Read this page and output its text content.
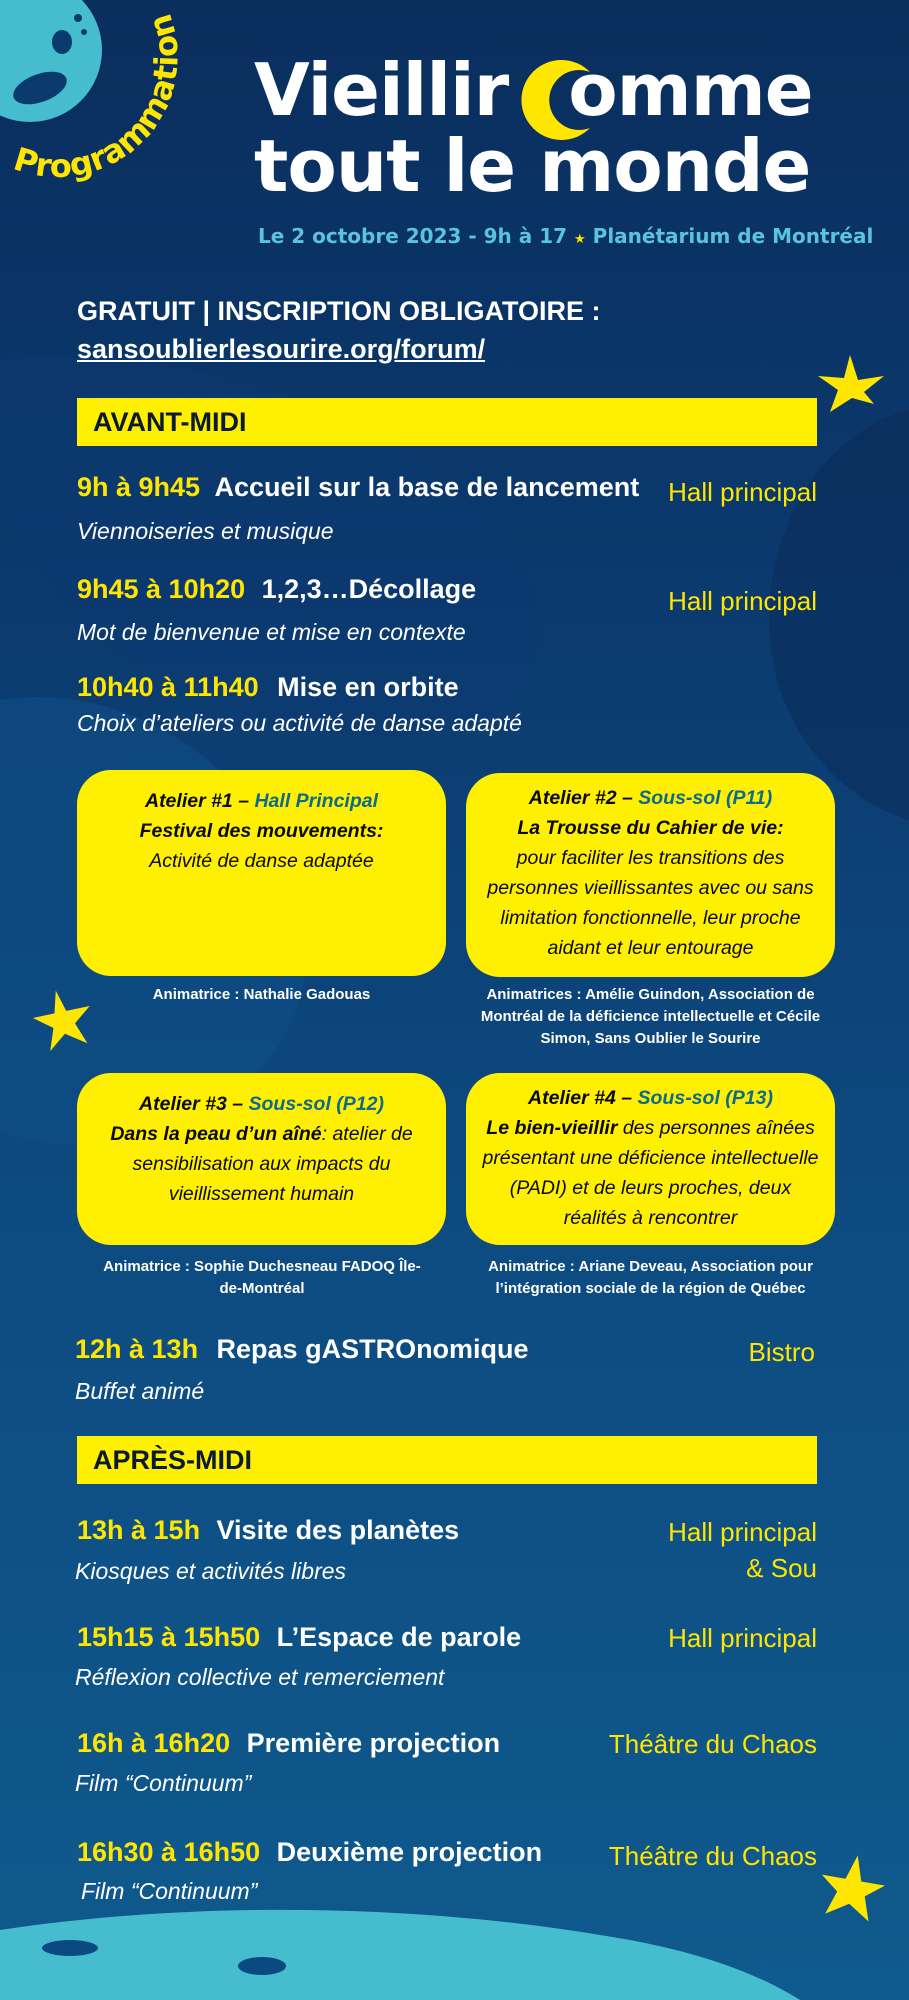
Programmation
Vieillir omme
tout le monde
Le 2 octobre 2023 - 9h à 17 ★ Planétarium de Montréal
GRATUIT | INSCRIPTION OBLIGATOIRE :
sansoublierlesourire.org/forum/
AVANT-MIDI
9h à 9h45 Accueil sur la base de lancement	Hall principal
Viennoiseries et musique
9h45 à 10h20 1,2,3…Décollage	Hall principal
Mot de bienvenue et mise en contexte
10h40 à 11h40 Mise en orbite
Choix d’ateliers ou activité de danse adapté
Atelier #1 – Hall Principal
Festival des mouvements:
Activité de danse adaptée
Atelier #2 – Sous-sol (P11)
La Trousse du Cahier de vie:
pour faciliter les transitions des personnes vieillissantes avec ou sans limitation fonctionnelle, leur proche aidant et leur entourage
Animatrice : Nathalie Gadouas	Animatrices : Amélie Guindon, Association de Montréal de la déficience intellectuelle et Cécile Simon, Sans Oublier le Sourire
Atelier #3 – Sous-sol (P12)
Dans la peau d’un aîné: atelier de sensibilisation aux impacts du vieillissement humain
Atelier #4 – Sous-sol (P13)
Le bien-vieillir des personnes aînées présentant une déficience intellectuelle (PADI) et de leurs proches, deux réalités à rencontrer
Animatrice : Sophie Duchesneau FADOQ Île-de-Montréal
Animatrice : Ariane Deveau, Association pour l’intégration sociale de la région de Québec
12h à 13h Repas gASTROnomique	Bistro
Buffet animé
APRÈS-MIDI
13h à 15h Visite des planètes	Hall principal
& Sou
Kiosques et activités libres
15h15 à 15h50 L’Espace de parole	Hall principal
Réflexion collective et remerciement
16h à 16h20 Première projection	Théâtre du Chaos
Film “Continuum”
16h30 à 16h50 Deuxième projection	Théâtre du Chaos
Film “Continuum”
